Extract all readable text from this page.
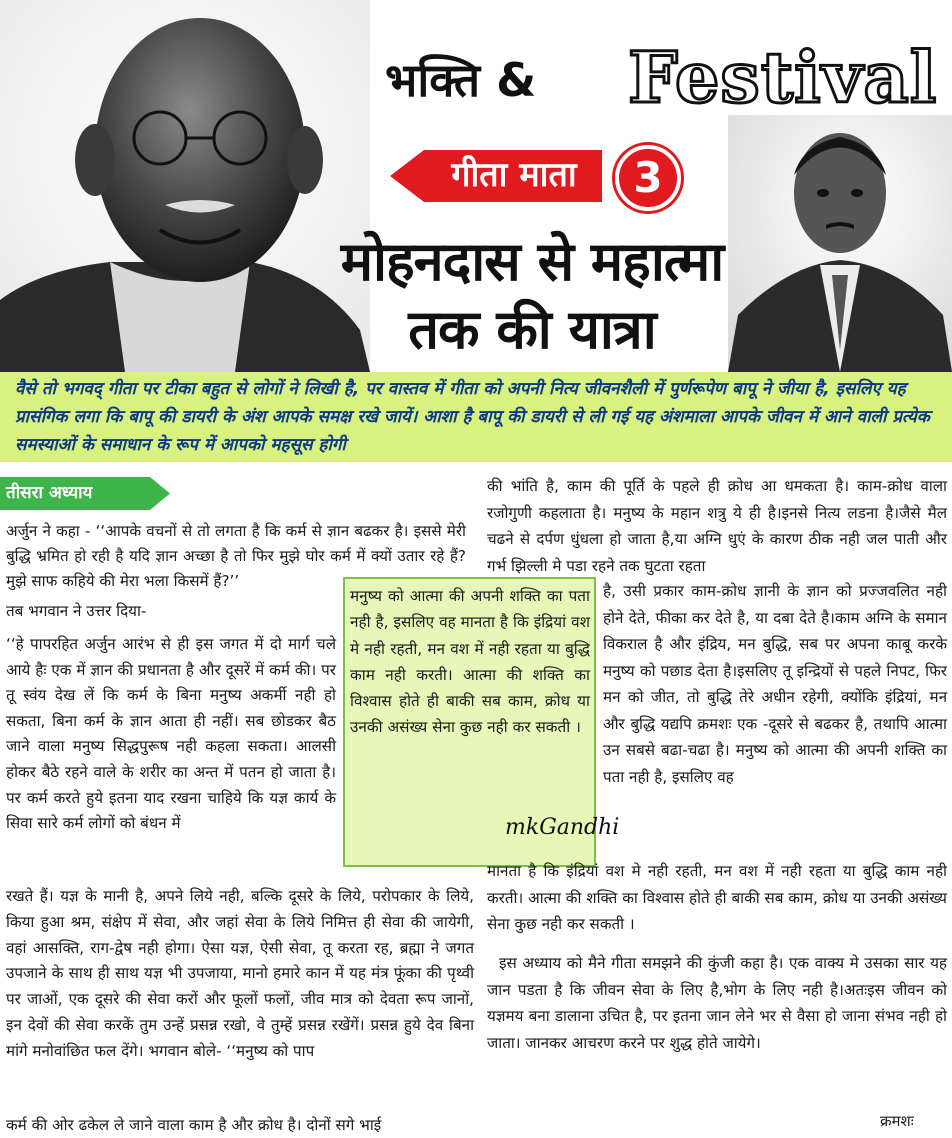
भक्ति & Festival
गीता माता	3
मोहनदास से महात्मा
तक की यात्रा
वैसे तो भगवद् गीता पर टीका बहुत से लोगों ने लिखी है, पर वास्तव में गीता को अपनी नित्य जीवनशैली में पुर्णरूपेण बापू ने जीया है, इसलिए यह प्रासंगिक लगा कि बापू की डायरी के अंश आपके समक्ष रखे जायें। आशा है बापू की डायरी से ली गई यह अंशमाला आपके जीवन में आने वाली प्रत्येक समस्याओं के समाधान के रूप में आपको महसूस होगी
तीसरा अध्याय
अर्जुन ने कहा - ‘‘आपके वचनों से तो लगता है कि कर्म से ज्ञान बढकर है। इससे मेरी बुद्धि भ्रमित हो रही है यदि ज्ञान अच्छा है तो फिर मुझे घोर कर्म में क्यों उतार रहे हैं? मुझे साफ कहिये की मेरा भला किसमें हैं?’’
तब भगवान ने उत्तर दिया-
‘‘हे पापरहित अर्जुन आरंभ से ही इस जगत में दो मार्ग चले आये हैः एक में ज्ञान की प्रधानता है और दूसरें में कर्म की। पर तू स्वंय देख लें कि कर्म के बिना मनुष्य अकर्मी नही हो सकता, बिना कर्म के ज्ञान आता ही नहीं। सब छोडकर बैठ जाने वाला मनुष्य सिद्धपुरूष नही कहला सकता। आलसी होकर बैठे रहने वाले के शरीर का अन्त में पतन हो जाता है। पर कर्म करते हुये इतना याद रखना चाहिये कि यज्ञ कार्य के सिवा सारे कर्म लोगों को बंधन में
रखते हैं। यज्ञ के मानी है, अपने लिये नही, बल्कि दूसरे के लिये, परोपकार के लिये, किया हुआ श्रम, संक्षेप में सेवा, और जहां सेवा के लिये निमित्त ही सेवा की जायेगी, वहां आसक्ति, राग-द्वेष नही होगा। ऐसा यज्ञ, ऐसी सेवा, तू करता रह, ब्रह्मा ने जगत उपजाने के साथ ही साथ यज्ञ भी उपजाया, मानो हमारे कान में यह मंत्र फूंका की पृथ्वी पर जाओं, एक दूसरे की सेवा करों और फूलों फलों, जीव मात्र को देवता रूप जानों, इन देवों की सेवा करकें तुम उन्हें प्रसन्न रखो, वे तुम्हें प्रसन्न रखेंगें। प्रसन्न हुये देव बिना मांगे मनोवांछित फल देंगे। भगवान बोले- ‘‘मनुष्य को पाप
कर्म की ओर ढकेल ले जाने वाला काम है और क्रोध है। दोनों सगे भाई
मनुष्य को आत्मा की अपनी शक्ति का पता नही है, इसलिए वह मानता है कि इंद्रियां वश मे नही रहती, मन वश में नही रहता या बुद्धि काम नही करती। आत्मा की शक्ति का विश्वास होते ही बाकी सब काम, क्रोध या उनकी असंख्य सेना कुछ नही कर सकती ।
mkGandhi
की भांति है, काम की पूर्ति के पहले ही क्रोध आ धमकता है। काम-क्रोध वाला रजोगुणी कहलाता है। मनुष्य के महान शत्रु ये ही है।इनसे नित्य लडना है।जैसे मैल चढने से दर्पण धुंधला हो जाता है,या अग्नि धुएं के कारण ठीक नही जल पाती और गर्भ झिल्ली मे पडा रहने तक घुटता रहता
है, उसी प्रकार काम-क्रोध ज्ञानी के ज्ञान को प्रज्जवलित नही होने देते, फीका कर देते है, या दबा देते है।काम अग्नि के समान विकराल है और इंद्रिय, मन बुद्धि, सब पर अपना काबू करके मनुष्य को पछाड देता है।इसलिए तू इन्द्रियों से पहले निपट, फिर मन को जीत, तो बुद्धि तेरे अधीन रहेगी, क्योंकि इंद्रियां, मन और बुद्धि यद्यपि क्रमशः एक -दूसरे से बढकर है, तथापि आत्मा उन सबसे बढा-चढा है। मनुष्य को आत्मा की अपनी शक्ति का पता नही है, इसलिए वह
मानता है कि इंद्रियां वश मे नही रहती, मन वश में नही रहता या बुद्धि काम नही करती। आत्मा की शक्ति का विश्वास होते ही बाकी सब काम, क्रोध या उनकी असंख्य सेना कुछ नही कर सकती ।
इस अध्याय को मैने गीता समझने की कुंजी कहा है। एक वाक्य मे उसका सार यह जान पडता है कि जीवन सेवा के लिए है,भोग के लिए नही है।अतःइस जीवन को यज्ञमय बना डालाना उचित है, पर इतना जान लेने भर से वैसा हो जाना संभव नही हो जाता। जानकर आचरण करने पर शुद्ध होते जायेगे।
क्रमशः
